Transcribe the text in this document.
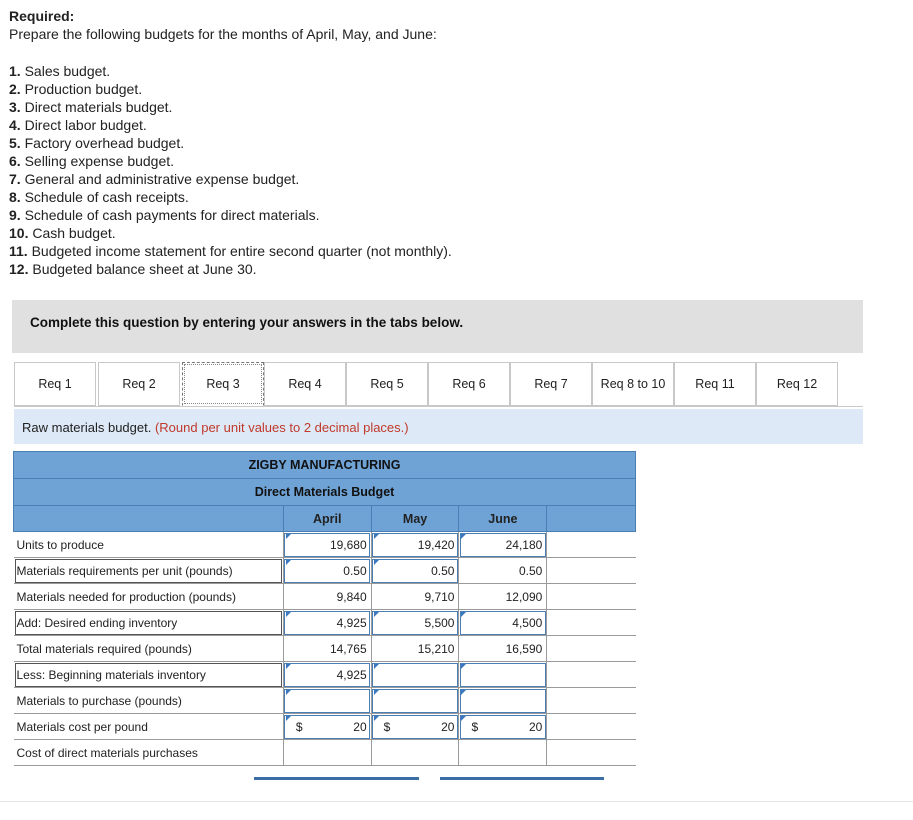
Required:
Prepare the following budgets for the months of April, May, and June:
1. Sales budget.
2. Production budget.
3. Direct materials budget.
4. Direct labor budget.
5. Factory overhead budget.
6. Selling expense budget.
7. General and administrative expense budget.
8. Schedule of cash receipts.
9. Schedule of cash payments for direct materials.
10. Cash budget.
11. Budgeted income statement for entire second quarter (not monthly).
12. Budgeted balance sheet at June 30.
Complete this question by entering your answers in the tabs below.
Req 1	Req 2	Req 3	Req 4	Req 5	Req 6	Req 7	Req 8 to 10	Req 11	Req 12
Raw materials budget. (Round per unit values to 2 decimal places.)
ZIGBY MANUFACTURING				
Direct Materials Budget				
	April	May	June	
Units to produce	19,680	19,420	24,180	
Materials requirements per unit (pounds)	0.50	0.50	0.50	
Materials needed for production (pounds)	9,840	9,710	12,090	
Add: Desired ending inventory	4,925	5,500	4,500	
Total materials required (pounds)	14,765	15,210	16,590	
Less: Beginning materials inventory	4,925			
Materials to purchase (pounds)				
Materials cost per pound	$ 20	$ 20	$ 20	
Cost of direct materials purchases				
